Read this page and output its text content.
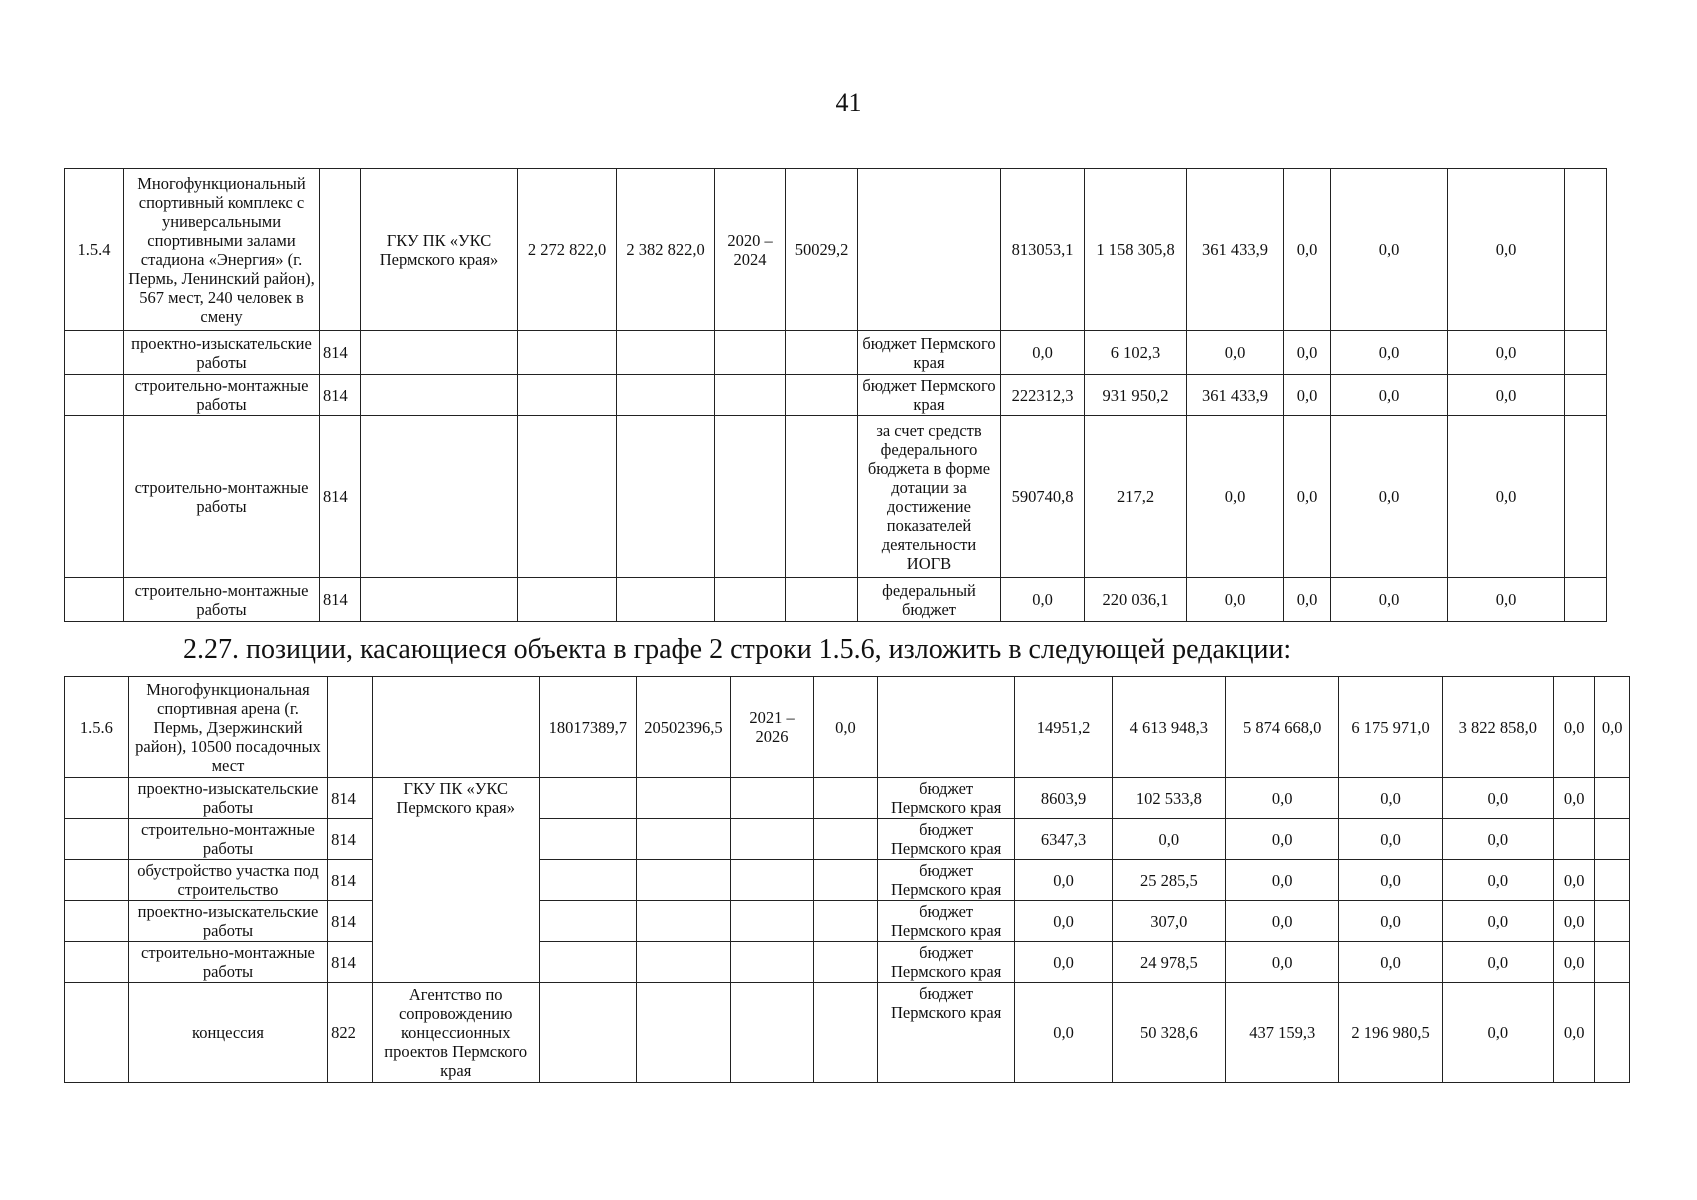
41
1.5.4	Многофункциональный спортивный комплекс с универсальными спортивными залами стадиона «Энергия» (г. Пермь, Ленинский район), 567 мест, 240 человек в смену		ГКУ ПК «УКС Пермского края»	2 272 822,0	2 382 822,0	2020 – 2024	50029,2		813053,1	1 158 305,8	361 433,9	0,0	0,0	0,0	
	проектно-изыскательские работы	814						бюджет Пермского края	0,0	6 102,3	0,0	0,0	0,0	0,0	
	строительно-монтажные работы	814						бюджет Пермского края	222312,3	931 950,2	361 433,9	0,0	0,0	0,0	
	строительно-монтажные работы	814						за счет средств федерального бюджета в форме дотации за достижение показателей деятельности ИОГВ	590740,8	217,2	0,0	0,0	0,0	0,0	
	строительно-монтажные работы	814						федеральный бюджет	0,0	220 036,1	0,0	0,0	0,0	0,0	
2.27. позиции, касающиеся объекта в графе 2 строки 1.5.6, изложить в следующей редакции:
1.5.6	Многофункциональная спортивная арена (г. Пермь, Дзержинский район), 10500 посадочных мест			18017389,7	20502396,5	2021 – 2026	0,0		14951,2	4 613 948,3	5 874 668,0	6 175 971,0	3 822 858,0	0,0	0,0
	проектно-изыскательские работы	814	ГКУ ПК «УКС Пермского края»					бюджет Пермского края	8603,9	102 533,8	0,0	0,0	0,0	0,0	
	строительно-монтажные работы	814						бюджет Пермского края	6347,3	0,0	0,0	0,0	0,0		
	обустройство участка под строительство	814						бюджет Пермского края	0,0	25 285,5	0,0	0,0	0,0	0,0	
	проектно-изыскательские работы	814						бюджет Пермского края	0,0	307,0	0,0	0,0	0,0	0,0	
	строительно-монтажные работы	814						бюджет Пермского края	0,0	24 978,5	0,0	0,0	0,0	0,0	
	концессия	822	Агентство по сопровождению концессионных проектов Пермского края					бюджет Пермского края	0,0	50 328,6	437 159,3	2 196 980,5	0,0	0,0	
